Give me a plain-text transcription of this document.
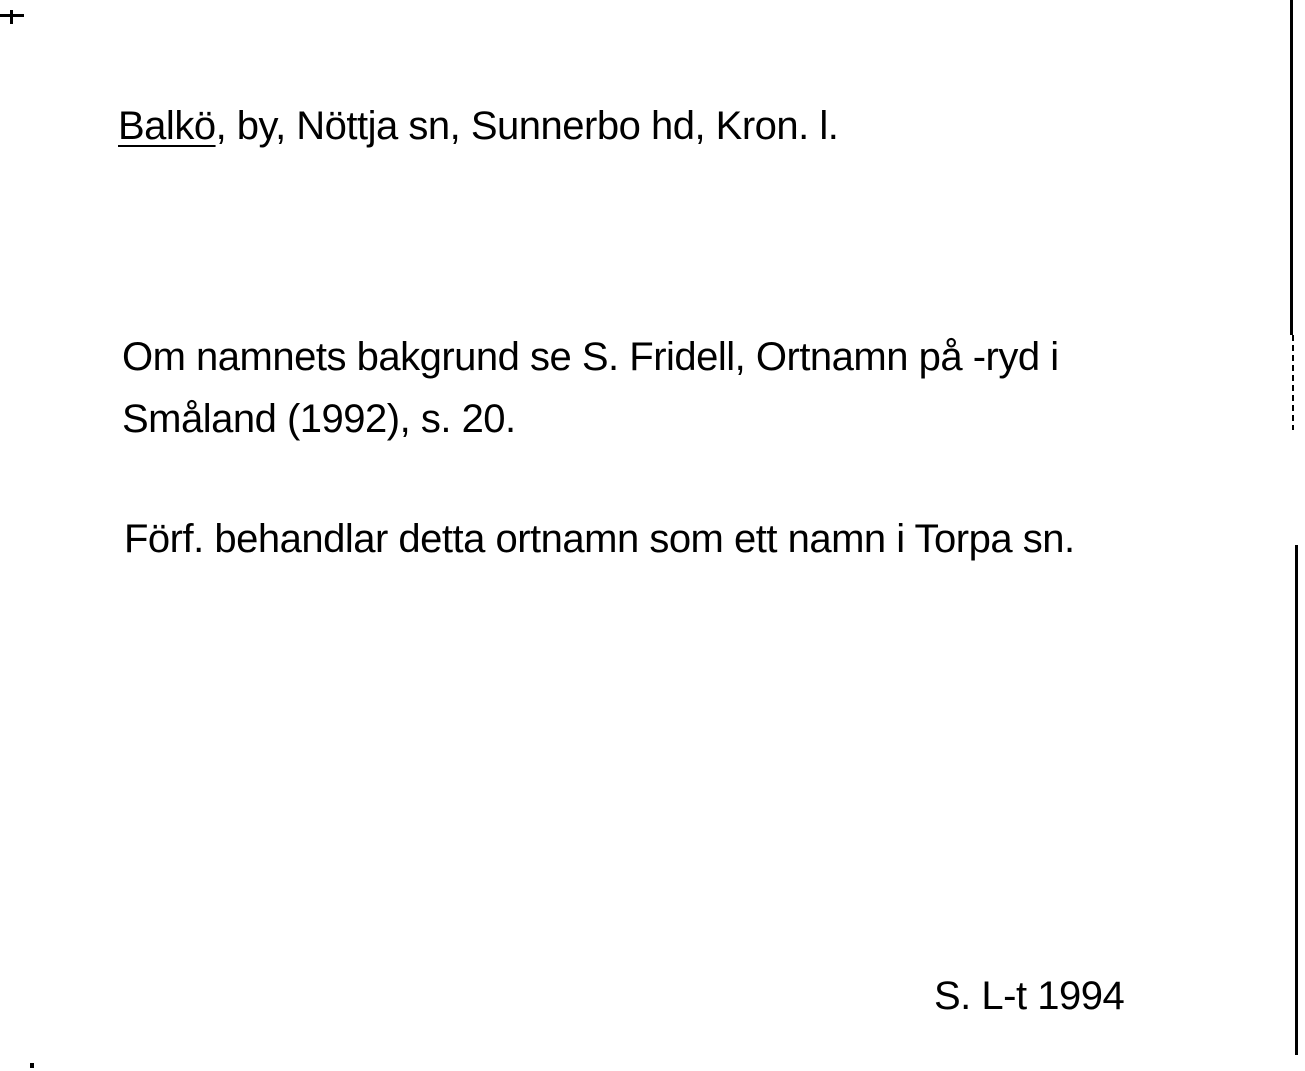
Balkö, by, Nöttja sn, Sunnerbo hd, Kron. l.
Om namnets bakgrund se S. Fridell, Ortnamn på -ryd i
Småland (1992), s. 20.
Förf. behandlar detta ortnamn som ett namn i Torpa sn.
S. L-t 1994
